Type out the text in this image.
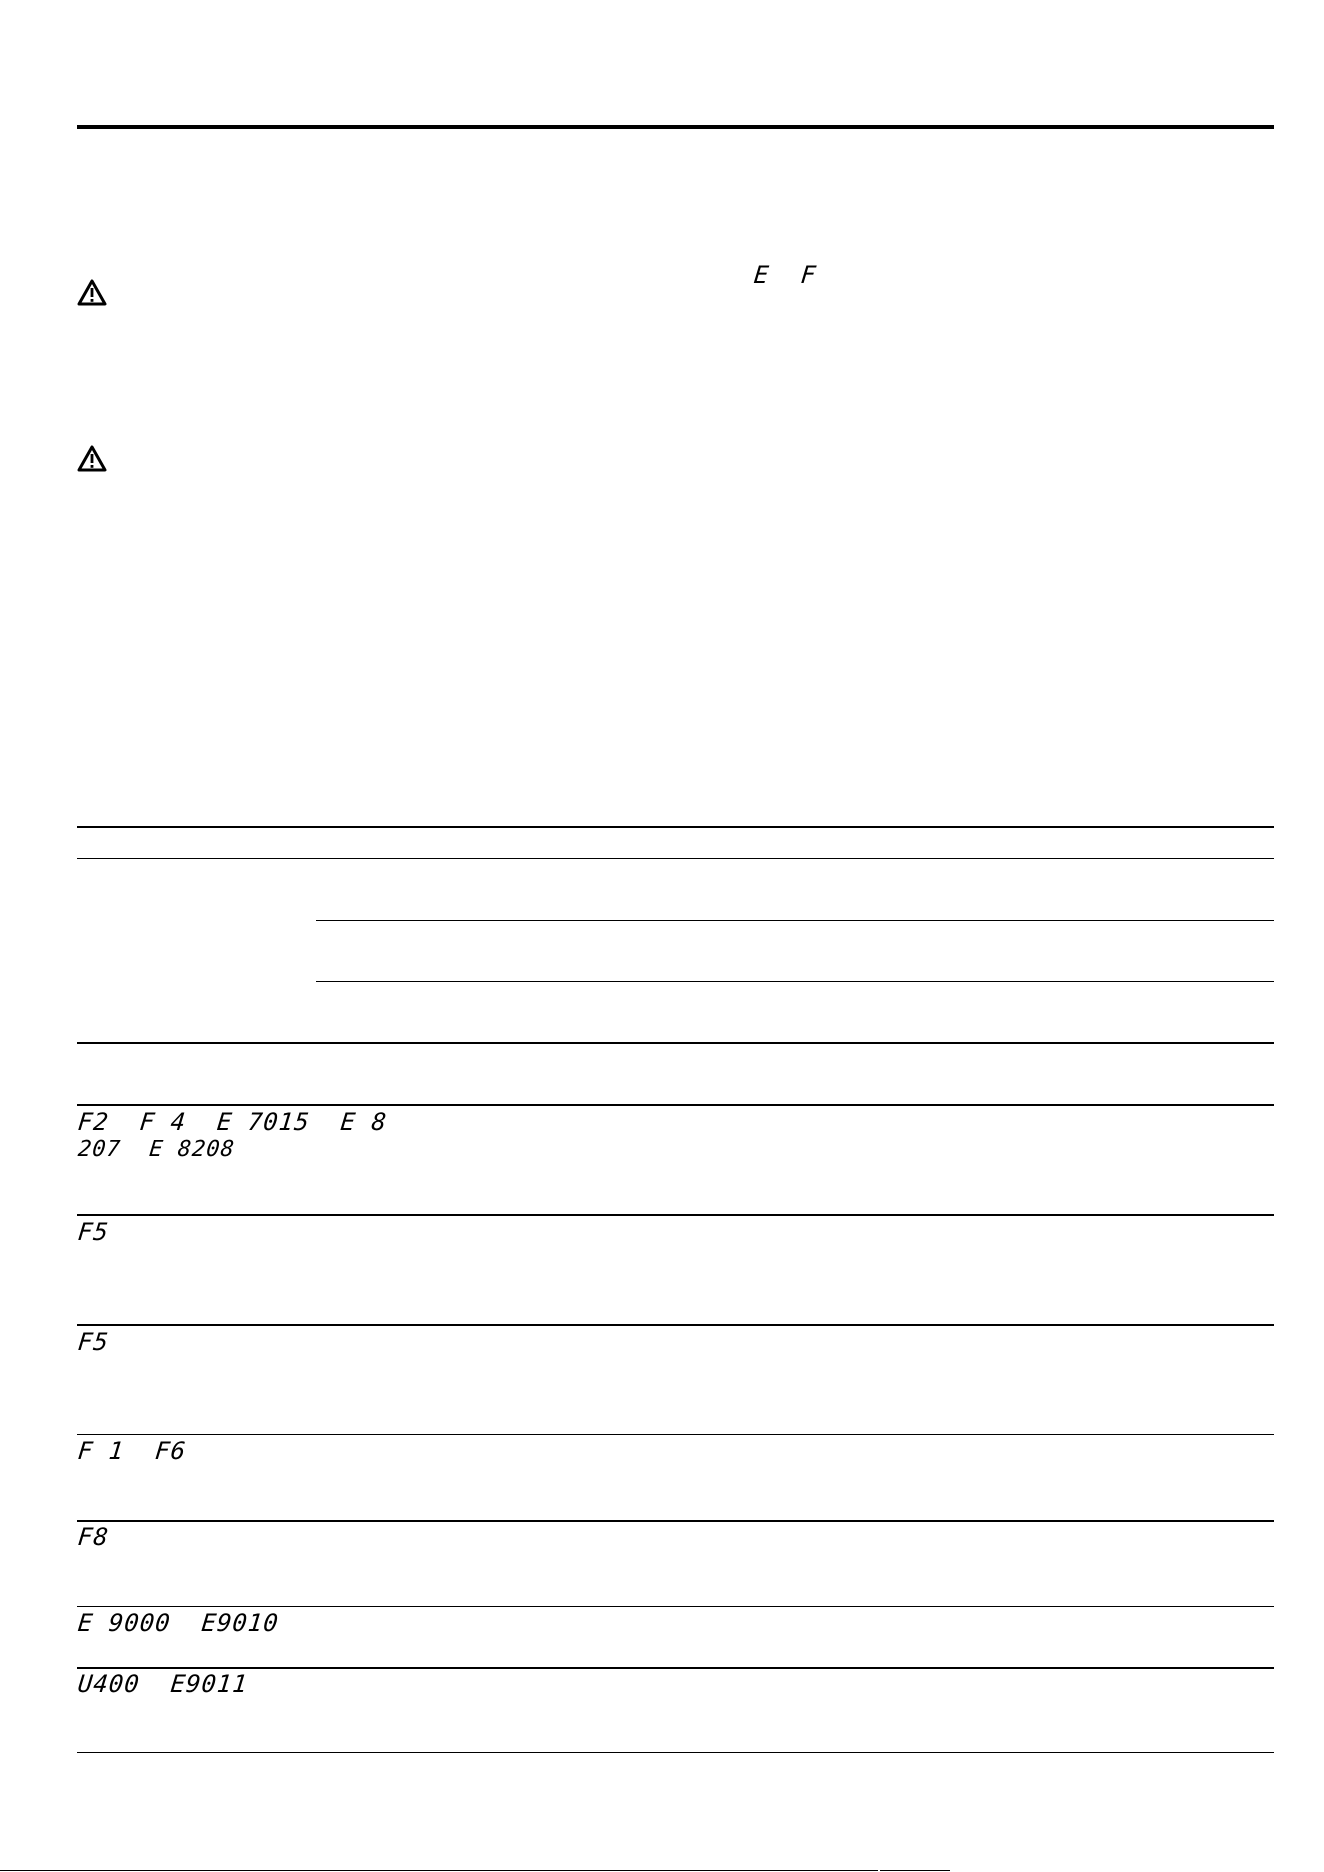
E F
F2  F 4  E 7015  E 8
207  E 8208
F5
F5
F 1  F6
F8
E 9000  E9010
U400  E9011
